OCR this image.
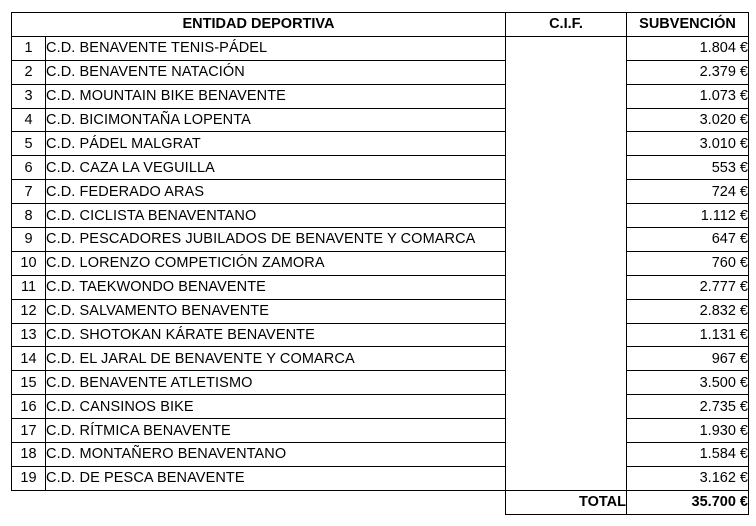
ENTIDAD DEPORTIVA		C.I.F.	SUBVENCIÓN
1	C.D. BENAVENTE TENIS-PÁDEL		1.804 €
2	C.D. BENAVENTE NATACIÓN		2.379 €
3	C.D. MOUNTAIN BIKE BENAVENTE		1.073 €
4	C.D. BICIMONTAÑA LOPENTA		3.020 €
5	C.D. PÁDEL MALGRAT		3.010 €
6	C.D. CAZA LA VEGUILLA		553 €
7	C.D. FEDERADO ARAS		724 €
8	C.D. CICLISTA BENAVENTANO		1.112 €
9	C.D. PESCADORES JUBILADOS DE BENAVENTE Y COMARCA		647 €
10	C.D. LORENZO COMPETICIÓN ZAMORA		760 €
11	C.D. TAEKWONDO BENAVENTE		2.777 €
12	C.D. SALVAMENTO BENAVENTE		2.832 €
13	C.D. SHOTOKAN KÁRATE BENAVENTE		1.131 €
14	C.D. EL JARAL DE BENAVENTE Y COMARCA		967 €
15	C.D. BENAVENTE ATLETISMO		3.500 €
16	C.D. CANSINOS BIKE		2.735 €
17	C.D. RÍTMICA BENAVENTE		1.930 €
18	C.D. MONTAÑERO BENAVENTANO		1.584 €
19	C.D. DE PESCA BENAVENTE		3.162 €
		TOTAL	35.700 €
